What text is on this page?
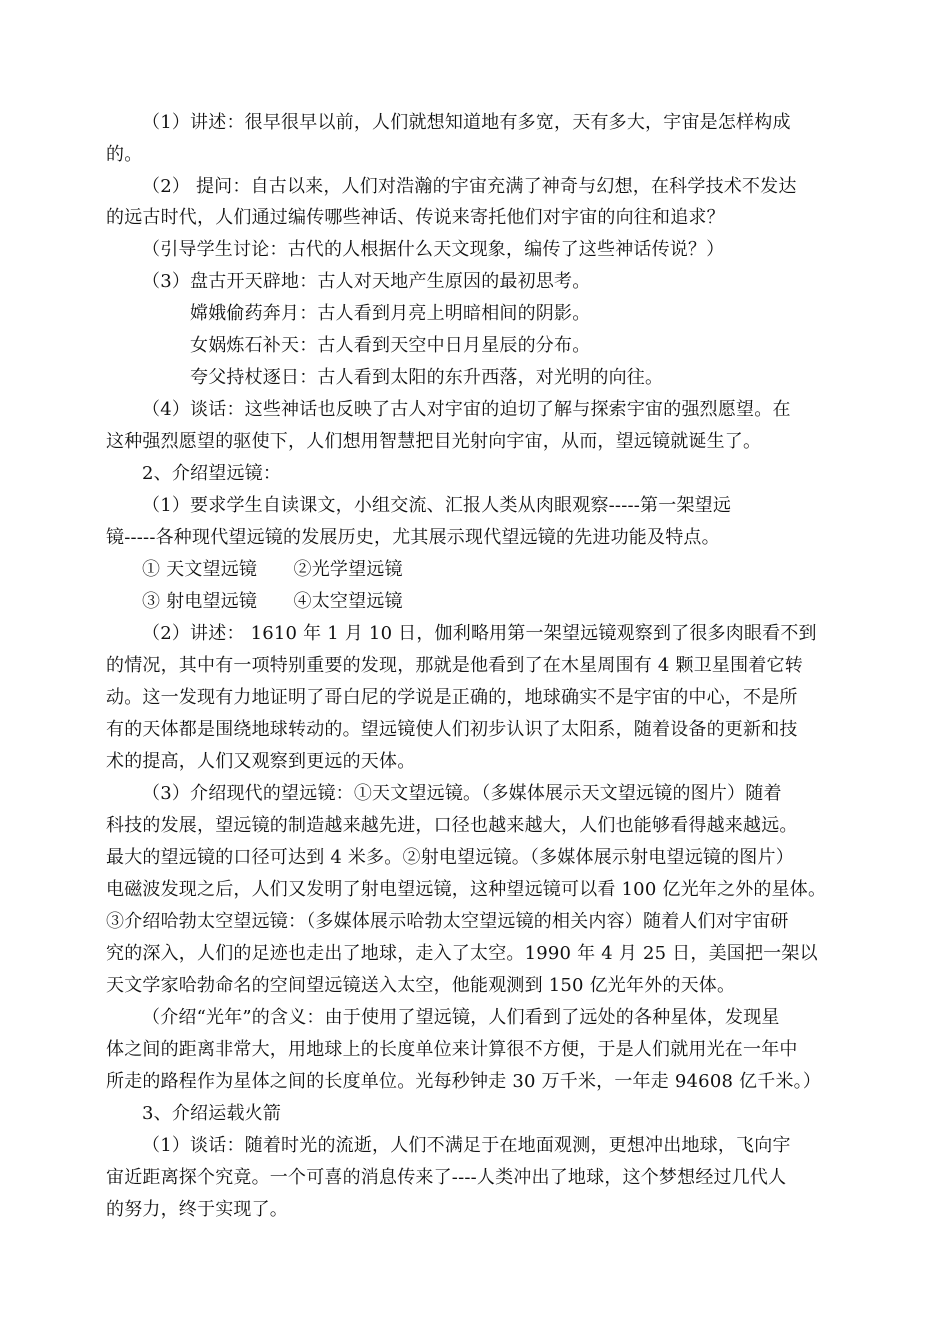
（1）讲述：很早很早以前，人们就想知道地有多宽，天有多大，宇宙是怎样构成
的。
（2） 提问：自古以来，人们对浩瀚的宇宙充满了神奇与幻想，在科学技术不发达
的远古时代，人们通过编传哪些神话、传说来寄托他们对宇宙的向往和追求？
（引导学生讨论：古代的人根据什么天文现象，编传了这些神话传说？）
（3）盘古开天辟地：古人对天地产生原因的最初思考。
嫦娥偷药奔月：古人看到月亮上明暗相间的阴影。
女娲炼石补天：古人看到天空中日月星辰的分布。
夸父持杖逐日：古人看到太阳的东升西落，对光明的向往。
（4）谈话：这些神话也反映了古人对宇宙的迫切了解与探索宇宙的强烈愿望。在
这种强烈愿望的驱使下，人们想用智慧把目光射向宇宙，从而，望远镜就诞生了。
2、介绍望远镜：
（1）要求学生自读课文，小组交流、汇报人类从肉眼观察-----第一架望远
镜-----各种现代望远镜的发展历史，尤其展示现代望远镜的先进功能及特点。
① 天文望远镜　　②光学望远镜
③ 射电望远镜　　④太空望远镜
（2）讲述： 1610 年 1 月 10 日，伽利略用第一架望远镜观察到了很多肉眼看不到
的情况，其中有一项特别重要的发现，那就是他看到了在木星周围有 4 颗卫星围着它转
动。这一发现有力地证明了哥白尼的学说是正确的，地球确实不是宇宙的中心，不是所
有的天体都是围绕地球转动的。望远镜使人们初步认识了太阳系，随着设备的更新和技
术的提高，人们又观察到更远的天体。
（3）介绍现代的望远镜：①天文望远镜。（多媒体展示天文望远镜的图片）随着
科技的发展，望远镜的制造越来越先进，口径也越来越大，人们也能够看得越来越远。
最大的望远镜的口径可达到 4 米多。②射电望远镜。（多媒体展示射电望远镜的图片）
电磁波发现之后，人们又发明了射电望远镜，这种望远镜可以看 100 亿光年之外的星体。
③介绍哈勃太空望远镜：（多媒体展示哈勃太空望远镜的相关内容）随着人们对宇宙研
究的深入，人们的足迹也走出了地球，走入了太空。1990 年 4 月 25 日，美国把一架以
天文学家哈勃命名的空间望远镜送入太空，他能观测到 150 亿光年外的天体。
（介绍“光年”的含义：由于使用了望远镜，人们看到了远处的各种星体，发现星
体之间的距离非常大，用地球上的长度单位来计算很不方便，于是人们就用光在一年中
所走的路程作为星体之间的长度单位。光每秒钟走 30 万千米，一年走 94608 亿千米。）
3、介绍运载火箭
（1）谈话：随着时光的流逝，人们不满足于在地面观测，更想冲出地球，飞向宇
宙近距离探个究竟。一个可喜的消息传来了----人类冲出了地球，这个梦想经过几代人
的努力，终于实现了。
